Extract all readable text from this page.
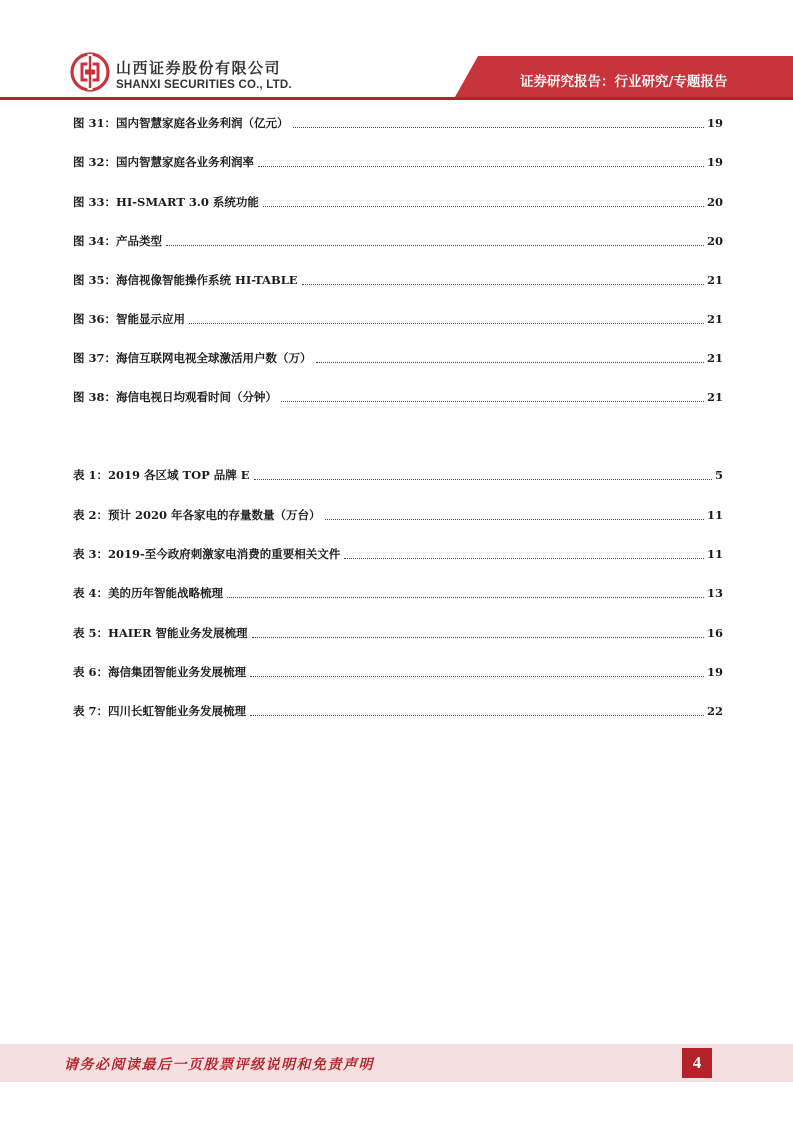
山西证券股份有限公司
SHANXI SECURITIES CO., LTD.	证券研究报告：行业研究/专题报告
图 31：国内智慧家庭各业务利润（亿元）	19
图 32：国内智慧家庭各业务利润率	19
图 33：HI-SMART 3.0 系统功能	20
图 34：产品类型	20
图 35：海信视像智能操作系统 HI-TABLE	21
图 36：智能显示应用	21
图 37：海信互联网电视全球激活用户数（万）	21
图 38：海信电视日均观看时间（分钟）	21
表 1：2019 各区域 TOP 品牌 E	5
表 2：预计 2020 年各家电的存量数量（万台）	11
表 3：2019-至今政府刺激家电消费的重要相关文件	11
表 4：美的历年智能战略梳理	13
表 5：HAIER 智能业务发展梳理	16
表 6：海信集团智能业务发展梳理	19
表 7：四川长虹智能业务发展梳理	22
请务必阅读最后一页股票评级说明和免责声明	4
